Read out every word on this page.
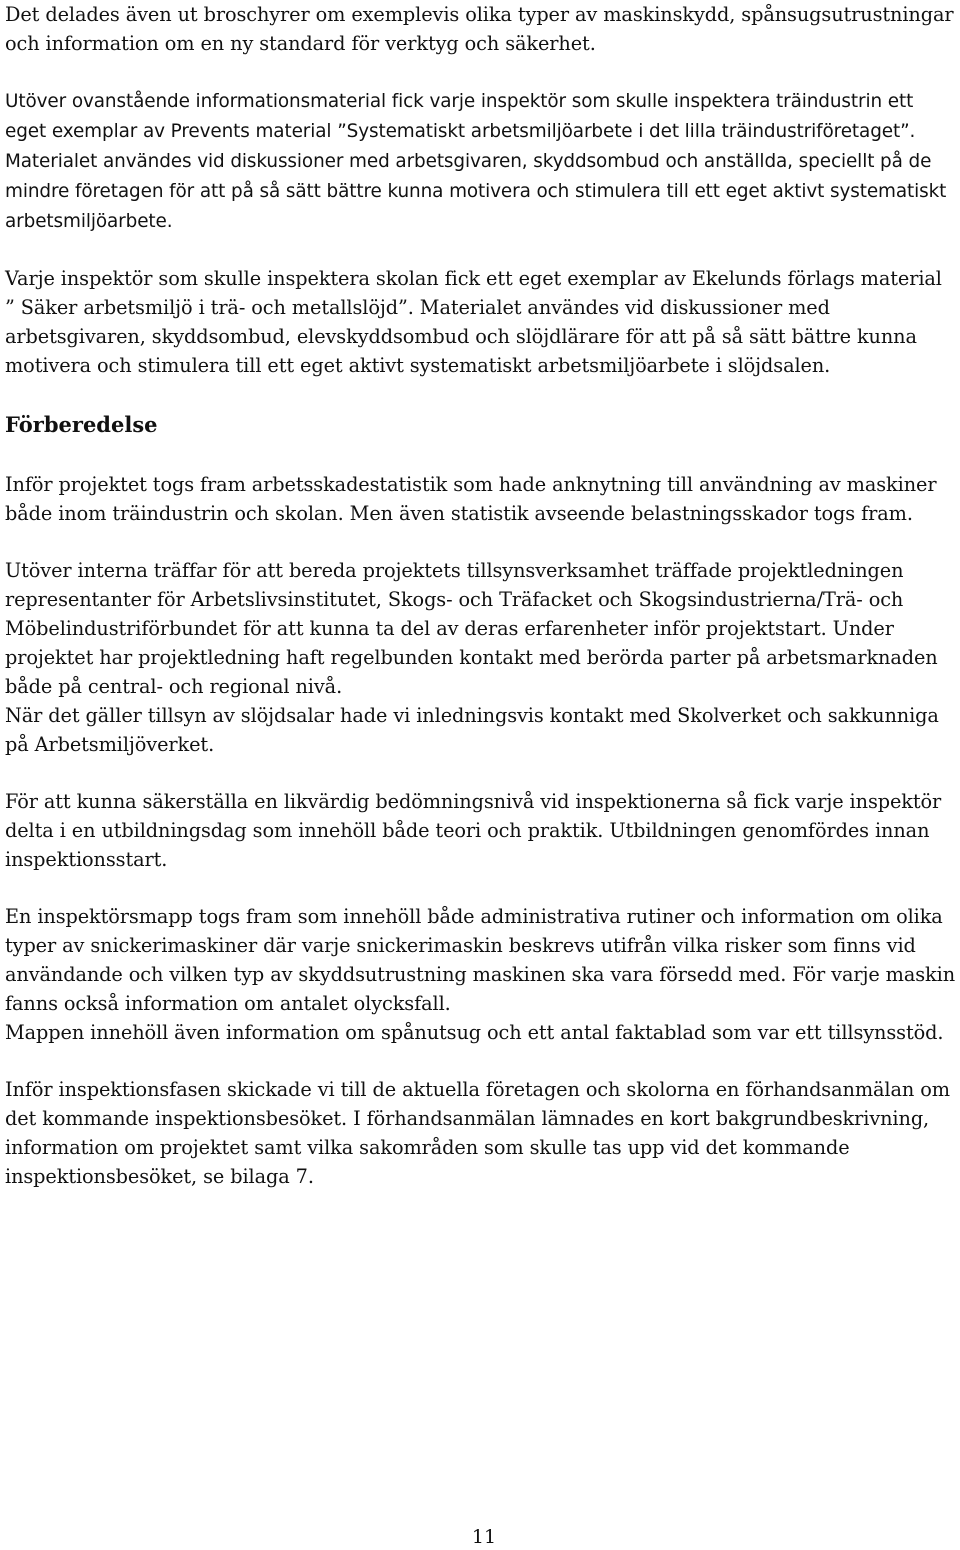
Det delades även ut broschyrer om exemplevis olika typer av maskinskydd, spånsugsutrustningar och information om en ny standard för verktyg och säkerhet.

Utöver ovanstående informationsmaterial fick varje inspektör som skulle inspektera träindustrin ett eget exemplar av Prevents material ”Systematiskt arbetsmiljöarbete i det lilla träindustriföretaget”. Materialet användes vid diskussioner med arbetsgivaren, skyddsombud och anställda, speciellt på de mindre företagen för att på så sätt bättre kunna motivera och stimulera till ett eget aktivt systematiskt arbetsmiljöarbete.

Varje inspektör som skulle inspektera skolan fick ett eget exemplar av Ekelunds förlags material ” Säker arbetsmiljö i trä- och metallslöjd”. Materialet användes vid diskussioner med arbetsgivaren, skyddsombud, elevskyddsombud och slöjdlärare för att på så sätt bättre kunna motivera och stimulera till ett eget aktivt systematiskt arbetsmiljöarbete i slöjdsalen.

Förberedelse

Inför projektet togs fram arbetsskadestatistik som hade anknytning till användning av maskiner både inom träindustrin och skolan. Men även statistik avseende belastningsskador togs fram.

Utöver interna träffar för att bereda projektets tillsynsverksamhet träffade projektledningen representanter för Arbetslivsinstitutet, Skogs- och Träfacket och Skogsindustrierna/Trä- och Möbelindustriförbundet för att kunna ta del av deras erfarenheter inför projektstart. Under projektet har projektledning haft regelbunden kontakt med berörda parter på arbetsmarknaden både på central- och regional nivå.

När det gäller tillsyn av slöjdsalar hade vi inledningsvis kontakt med Skolverket och sakkunniga på Arbetsmiljöverket.

För att kunna säkerställa en likvärdig bedömningsnivå vid inspektionerna så fick varje inspektör delta i en utbildningsdag som innehöll både teori och praktik. Utbildningen genomfördes innan inspektionsstart.

En inspektörsmapp togs fram som innehöll både administrativa rutiner och information om olika typer av snickerimaskiner där varje snickerimaskin beskrevs utifrån vilka risker som finns vid användande och vilken typ av skyddsutrustning maskinen ska vara försedd med. För varje maskin fanns också information om antalet olycksfall.

Mappen innehöll även information om spånutsug och ett antal faktablad som var ett tillsynsstöd.

Inför inspektionsfasen skickade vi till de aktuella företagen och skolorna en förhandsanmälan om det kommande inspektionsbesöket. I förhandsanmälan lämnades en kort bakgrundbeskrivning, information om projektet samt vilka sakområden som skulle tas upp vid det kommande inspektionsbesöket, se bilaga 7.

11
